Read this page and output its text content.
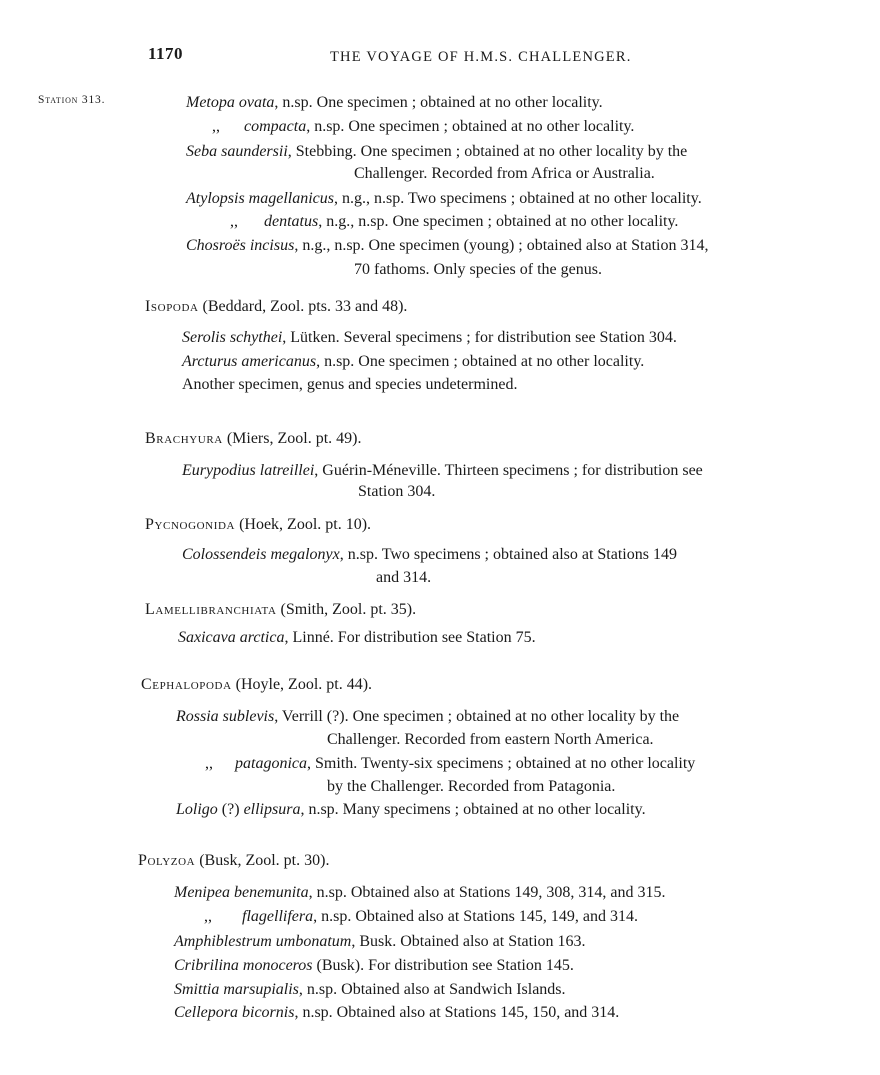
1170	THE VOYAGE OF H.M.S. CHALLENGER.
Station 313.	Metopa ovata, n.sp. One specimen ; obtained at no other locality.
,, compacta, n.sp. One specimen ; obtained at no other locality.
Seba saundersii, Stebbing. One specimen ; obtained at no other locality by the
Challenger. Recorded from Africa or Australia.
Atylopsis magellanicus, n.g., n.sp. Two specimens ; obtained at no other locality.
,, dentatus, n.g., n.sp. One specimen ; obtained at no other locality.
Chosroës incisus, n.g., n.sp. One specimen (young) ; obtained also at Station 314,
70 fathoms. Only species of the genus.
Isopoda (Beddard, Zool. pts. 33 and 48).
Serolis schythei, Lütken. Several specimens ; for distribution see Station 304.
Arcturus americanus, n.sp. One specimen ; obtained at no other locality.
Another specimen, genus and species undetermined.
Brachyura (Miers, Zool. pt. 49).
Eurypodius latreillei, Guérin-Méneville. Thirteen specimens ; for distribution see
Station 304.
Pycnogonida (Hoek, Zool. pt. 10).
Colossendeis megalonyx, n.sp. Two specimens ; obtained also at Stations 149
and 314.
Lamellibranchiata (Smith, Zool. pt. 35).
Saxicava arctica, Linné. For distribution see Station 75.
Cephalopoda (Hoyle, Zool. pt. 44).
Rossia sublevis, Verrill (?). One specimen ; obtained at no other locality by the
Challenger. Recorded from eastern North America.
,, patagonica, Smith. Twenty-six specimens ; obtained at no other locality
by the Challenger. Recorded from Patagonia.
Loligo (?) ellipsura, n.sp. Many specimens ; obtained at no other locality.
Polyzoa (Busk, Zool. pt. 30).
Menipea benemunita, n.sp. Obtained also at Stations 149, 308, 314, and 315.
,, flagellifera, n.sp. Obtained also at Stations 145, 149, and 314.
Amphiblestrum umbonatum, Busk. Obtained also at Station 163.
Cribrilina monoceros (Busk). For distribution see Station 145.
Smittia marsupialis, n.sp. Obtained also at Sandwich Islands.
Cellepora bicornis, n.sp. Obtained also at Stations 145, 150, and 314.
